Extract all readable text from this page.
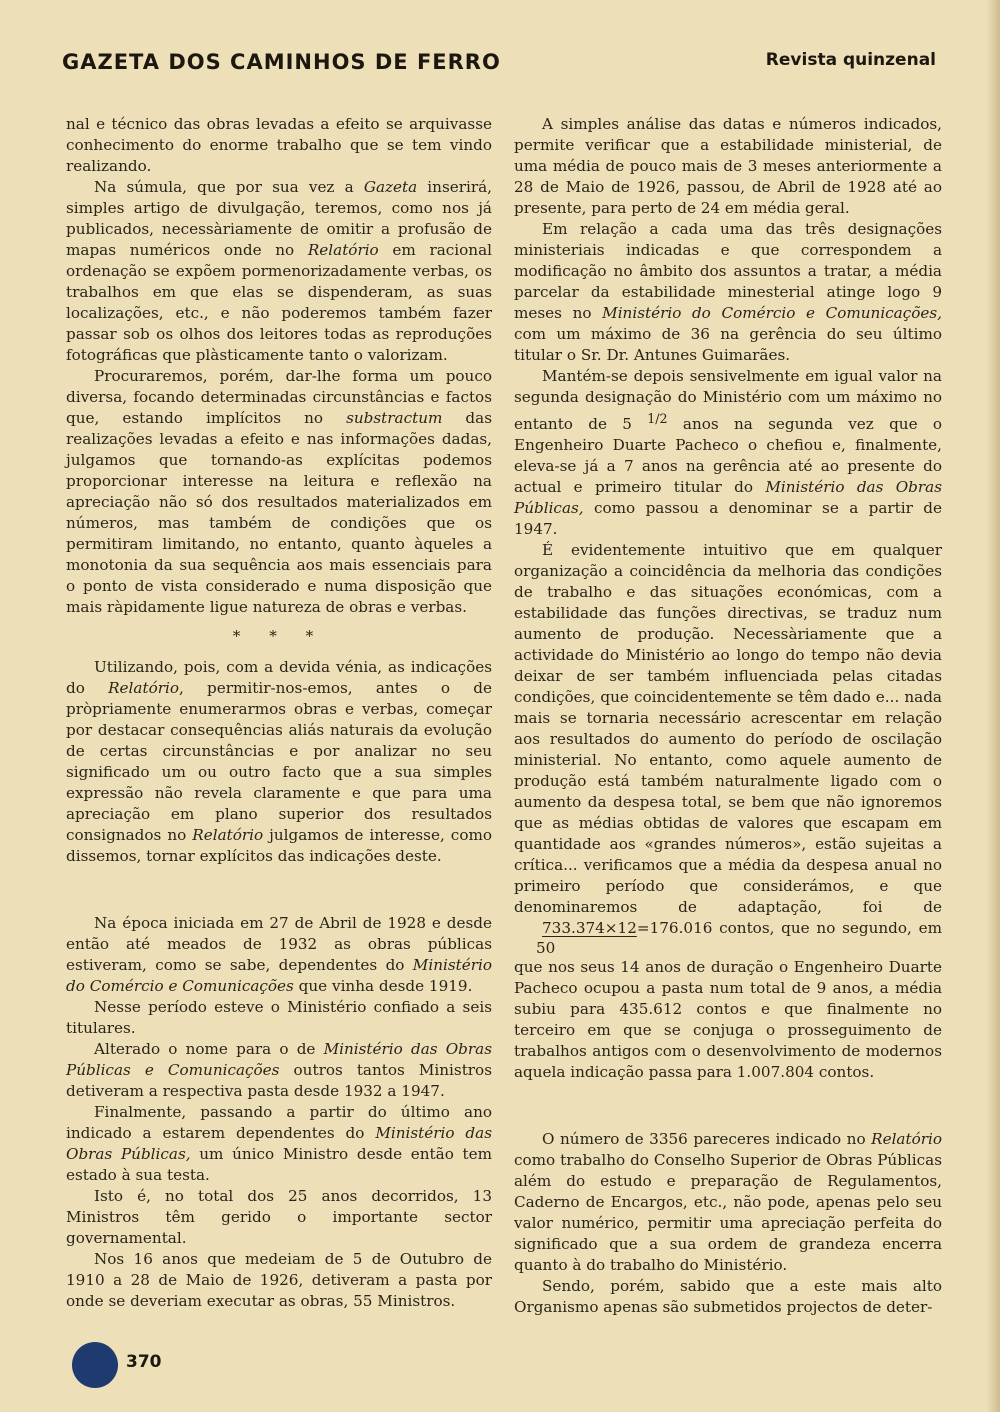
GAZETA DOS CAMINHOS DE FERRO	Revista quinzenal

nal e técnico das obras levadas a efeito se arquivasse conhecimento do enorme trabalho que se tem vindo realizando.

Na súmula, que por sua vez a Gazeta inserirá, simples artigo de divulgação, teremos, como nos já publicados, necessàriamente de omitir a profusão de mapas numéricos onde no Relatório em racional ordenação se expõem pormenorizadamente verbas, os trabalhos em que elas se dispenderam, as suas localizações, etc., e não poderemos também fazer passar sob os olhos dos leitores todas as reproduções fotográficas que plàsticamente tanto o valorizam.

Procuraremos, porém, dar-lhe forma um pouco diversa, focando determinadas circunstâncias e factos que, estando implícitos no substractum das realizações levadas a efeito e nas informações dadas, julgamos que tornando-as explícitas podemos proporcionar interesse na leitura e reflexão na apreciação não só dos resultados materializados em números, mas também de condições que os permitiram limitando, no entanto, quanto àqueles a monotonia da sua sequência aos mais essenciais para o ponto de vista considerado e numa disposição que mais ràpidamente ligue natureza de obras e verbas.

* * *

Utilizando, pois, com a devida vénia, as indicações do Relatório, permitir-nos-emos, antes o de pròpriamente enumerarmos obras e verbas, começar por destacar consequências aliás naturais da evolução de certas circunstâncias e por analizar no seu significado um ou outro facto que a sua simples expressão não revela claramente e que para uma apreciação em plano superior dos resultados consignados no Relatório julgamos de interesse, como dissemos, tornar explícitos das indicações deste.

Na época iniciada em 27 de Abril de 1928 e desde então até meados de 1932 as obras públicas estiveram, como se sabe, dependentes do Ministério do Comércio e Comunicações que vinha desde 1919.

Nesse período esteve o Ministério confiado a seis titulares.

Alterado o nome para o de Ministério das Obras Públicas e Comunicações outros tantos Ministros detiveram a respectiva pasta desde 1932 a 1947.

Finalmente, passando a partir do último ano indicado a estarem dependentes do Ministério das Obras Públicas, um único Ministro desde então tem estado à sua testa.

Isto é, no total dos 25 anos decorridos, 13 Ministros têm gerido o importante sector governamental.

Nos 16 anos que medeiam de 5 de Outubro de 1910 a 28 de Maio de 1926, detiveram a pasta por onde se deveriam executar as obras, 55 Ministros.

A simples análise das datas e números indicados, permite verificar que a estabilidade ministerial, de uma média de pouco mais de 3 meses anteriormente a 28 de Maio de 1926, passou, de Abril de 1928 até ao presente, para perto de 24 em média geral.

Em relação a cada uma das três designações ministeriais indicadas e que correspondem a modificação no âmbito dos assuntos a tratar, a média parcelar da estabilidade minesterial atinge logo 9 meses no Ministério do Comércio e Comunicações, com um máximo de 36 na gerência do seu último titular o Sr. Dr. Antunes Guimarães.

Mantém-se depois sensivelmente em igual valor na segunda designação do Ministério com um máximo no entanto de 5 $^{1/2}$ anos na segunda vez que o Engenheiro Duarte Pacheco o chefiou e, finalmente, eleva-se já a 7 anos na gerência até ao presente do actual e primeiro titular do Ministério das Obras Públicas, como passou a denominar se a partir de 1947.

É evidentemente intuitivo que em qualquer organização a coincidência da melhoria das condições de trabalho e das situações económicas, com a estabilidade das funções directivas, se traduz num aumento de produção. Necessàriamente que a actividade do Ministério ao longo do tempo não devia deixar de ser também influenciada pelas citadas condições, que coincidentemente se têm dado e... nada mais se tornaria necessário acrescentar em relação aos resultados do aumento do período de oscilação ministerial. No entanto, como aquele aumento de produção está também naturalmente ligado com o aumento da despesa total, se bem que não ignoremos que as médias obtidas de valores que escapam em quantidade aos «grandes números», estão sujeitas a crítica... verificamos que a média da despesa anual no primeiro período que considerámos, e que denominaremos de adaptação, foi de 733.374×12=176.016
50
contos, que no segundo, em que nos seus 14 anos de duração o Engenheiro Duarte Pacheco ocupou a pasta num total de 9 anos, a média subiu para 435.612 contos e que finalmente no terceiro em que se conjuga o prosseguimento de trabalhos antigos com o desenvolvimento de modernos aquela indicação passa para 1.007.804 contos.

O número de 3356 pareceres indicado no Relatório como trabalho do Conselho Superior de Obras Públicas além do estudo e preparação de Regulamentos, Caderno de Encargos, etc., não pode, apenas pelo seu valor numérico, permitir uma apreciação perfeita do significado que a sua ordem de grandeza encerra quanto à do trabalho do Ministério.

Sendo, porém, sabido que a este mais alto Organismo apenas são submetidos projectos de deter-

370
